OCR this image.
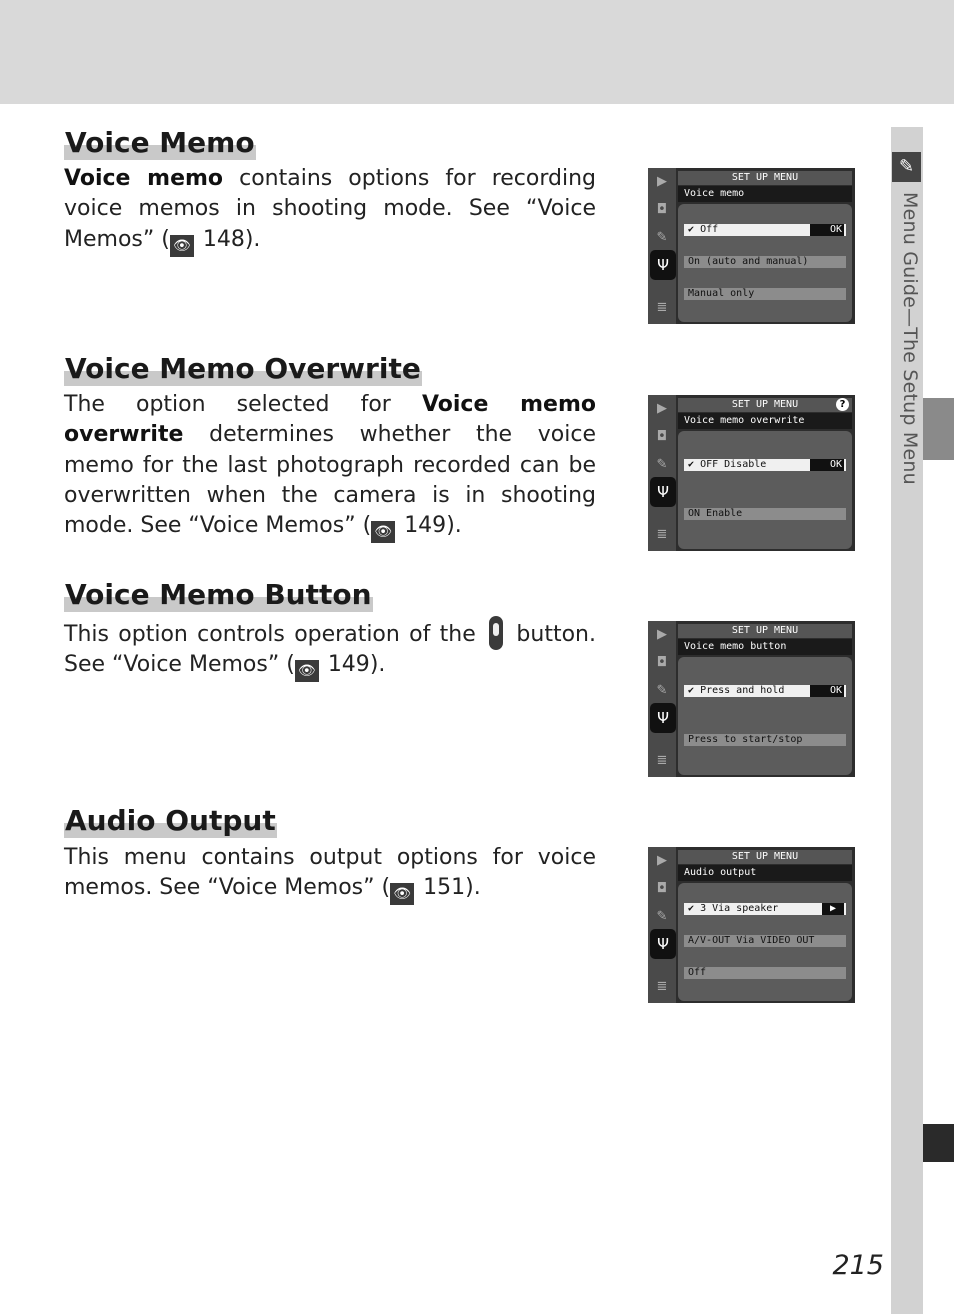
✎
Menu Guide—The Setup Menu
215
Voice Memo
Voice memo contains options for recording voice memos in shooting mode. See “Voice Memos” ( 👁 148).
▶
◘
✎
Ψ
≣
SET UP MENU
Voice memo
✔ Off	OK
On (auto and manual)
Manual only
Voice Memo Overwrite
The option selected for Voice memo overwrite determines whether the voice memo for the last photograph recorded can be overwritten when the camera is in shooting mode. See “Voice Memos” ( 👁 149).
▶
◘
✎
Ψ
≣
SET UP MENU	?
Voice memo overwrite
✔ OFF Disable	OK
ON Enable
Voice Memo Button
This option controls operation of the  button. See “Voice Memos” ( 👁 149).
▶
◘
✎
Ψ
≣
SET UP MENU
Voice memo button
✔ Press and hold	OK
Press to start/stop
Audio Output
This menu contains output options for voice memos. See “Voice Memos” ( 👁 151).
▶
◘
✎
Ψ
≣
SET UP MENU
Audio output
✔ 3 Via speaker	▶
A/V-OUT Via VIDEO OUT
Off
